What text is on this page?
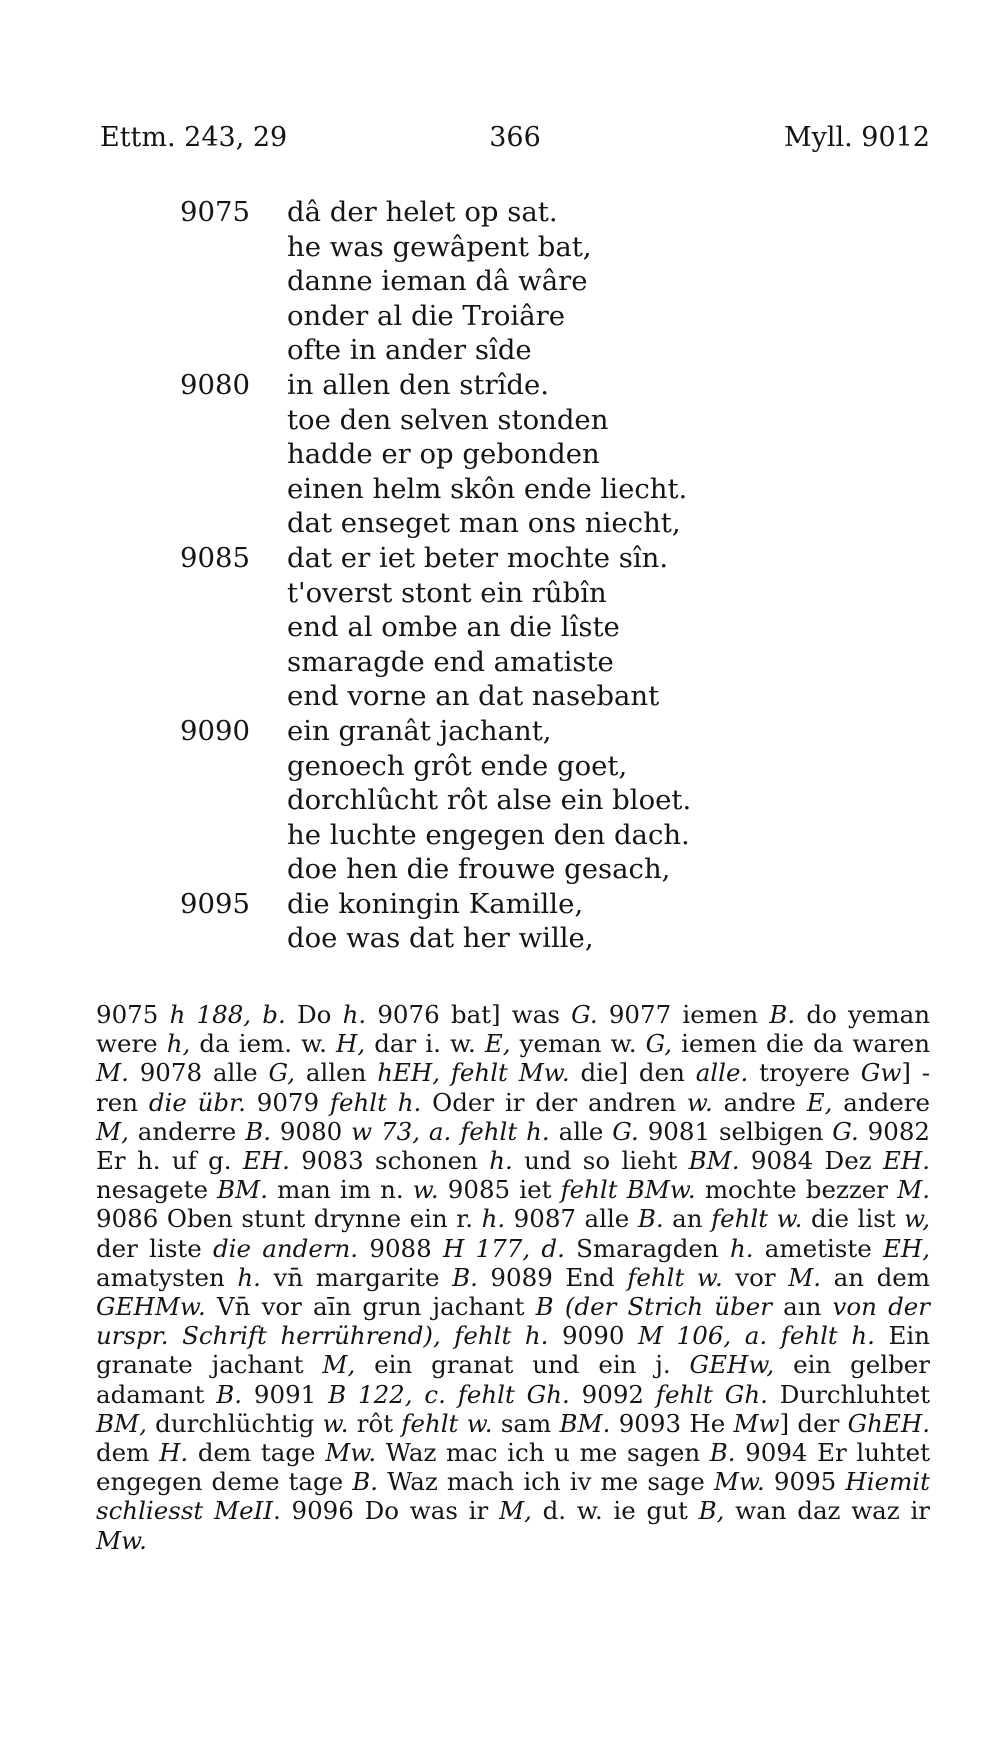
Ettm. 243, 29	366	Myll. 9012
9075 dâ der helet op sat.
he was gewâpent bat,
danne ieman dâ wâre
onder al die Troiâre
ofte in ander sîde
9080 in allen den strîde.
toe den selven stonden
hadde er op gebonden
einen helm skôn ende liecht.
dat enseget man ons niecht,
9085 dat er iet beter mochte sîn.
t'overst stont ein rûbîn
end al ombe an die lîste
smaragde end amatiste
end vorne an dat nasebant
9090 ein granât jachant,
genoech grôt ende goet,
dorchlûcht rôt alse ein bloet.
he luchte engegen den dach.
doe hen die frouwe gesach,
9095 die koningin Kamille,
doe was dat her wille,
9075 h 188, b. Do h. 9076 bat] was G. 9077 iemen B. do yeman were h, da iem. w. H, dar i. w. E, yeman w. G, iemen die da waren M. 9078 alle G, allen hEH, fehlt Mw. die] den alle. troyere Gw] -ren die übr. 9079 fehlt h. Oder ir der andren w. andre E, andere M, anderre B. 9080 w 73, a. fehlt h. alle G. 9081 selbigen G. 9082 Er h. uf g. EH. 9083 schonen h. und so lieht BM. 9084 Dez EH. nesagete BM. man im n. w. 9085 iet fehlt BMw. mochte bezzer M. 9086 Oben stunt drynne ein r. h. 9087 alle B. an fehlt w. die list w, der liste die andern. 9088 H 177, d. Smaragden h. ametiste EH, amatysten h. vn̄ margarite B. 9089 End fehlt w. vor M. an dem GEHMw. Vn̄ vor aīn grun jachant B (der Strich über aın von der urspr. Schrift herrührend), fehlt h. 9090 M 106, a. fehlt h. Ein granate jachant M, ein granat und ein j. GEHw, ein gelber adamant B. 9091 B 122, c. fehlt Gh. 9092 fehlt Gh. Durchluhtet BM, durchlüchtig w. rôt fehlt w. sam BM. 9093 He Mw] der GhEH. dem H. dem tage Mw. Waz mac ich u me sagen B. 9094 Er luhtet engegen deme tage B. Waz mach ich iv me sage Mw. 9095 Hiemit schliesst MeII. 9096 Do was ir M, d. w. ie gut B, wan daz waz ir Mw.
